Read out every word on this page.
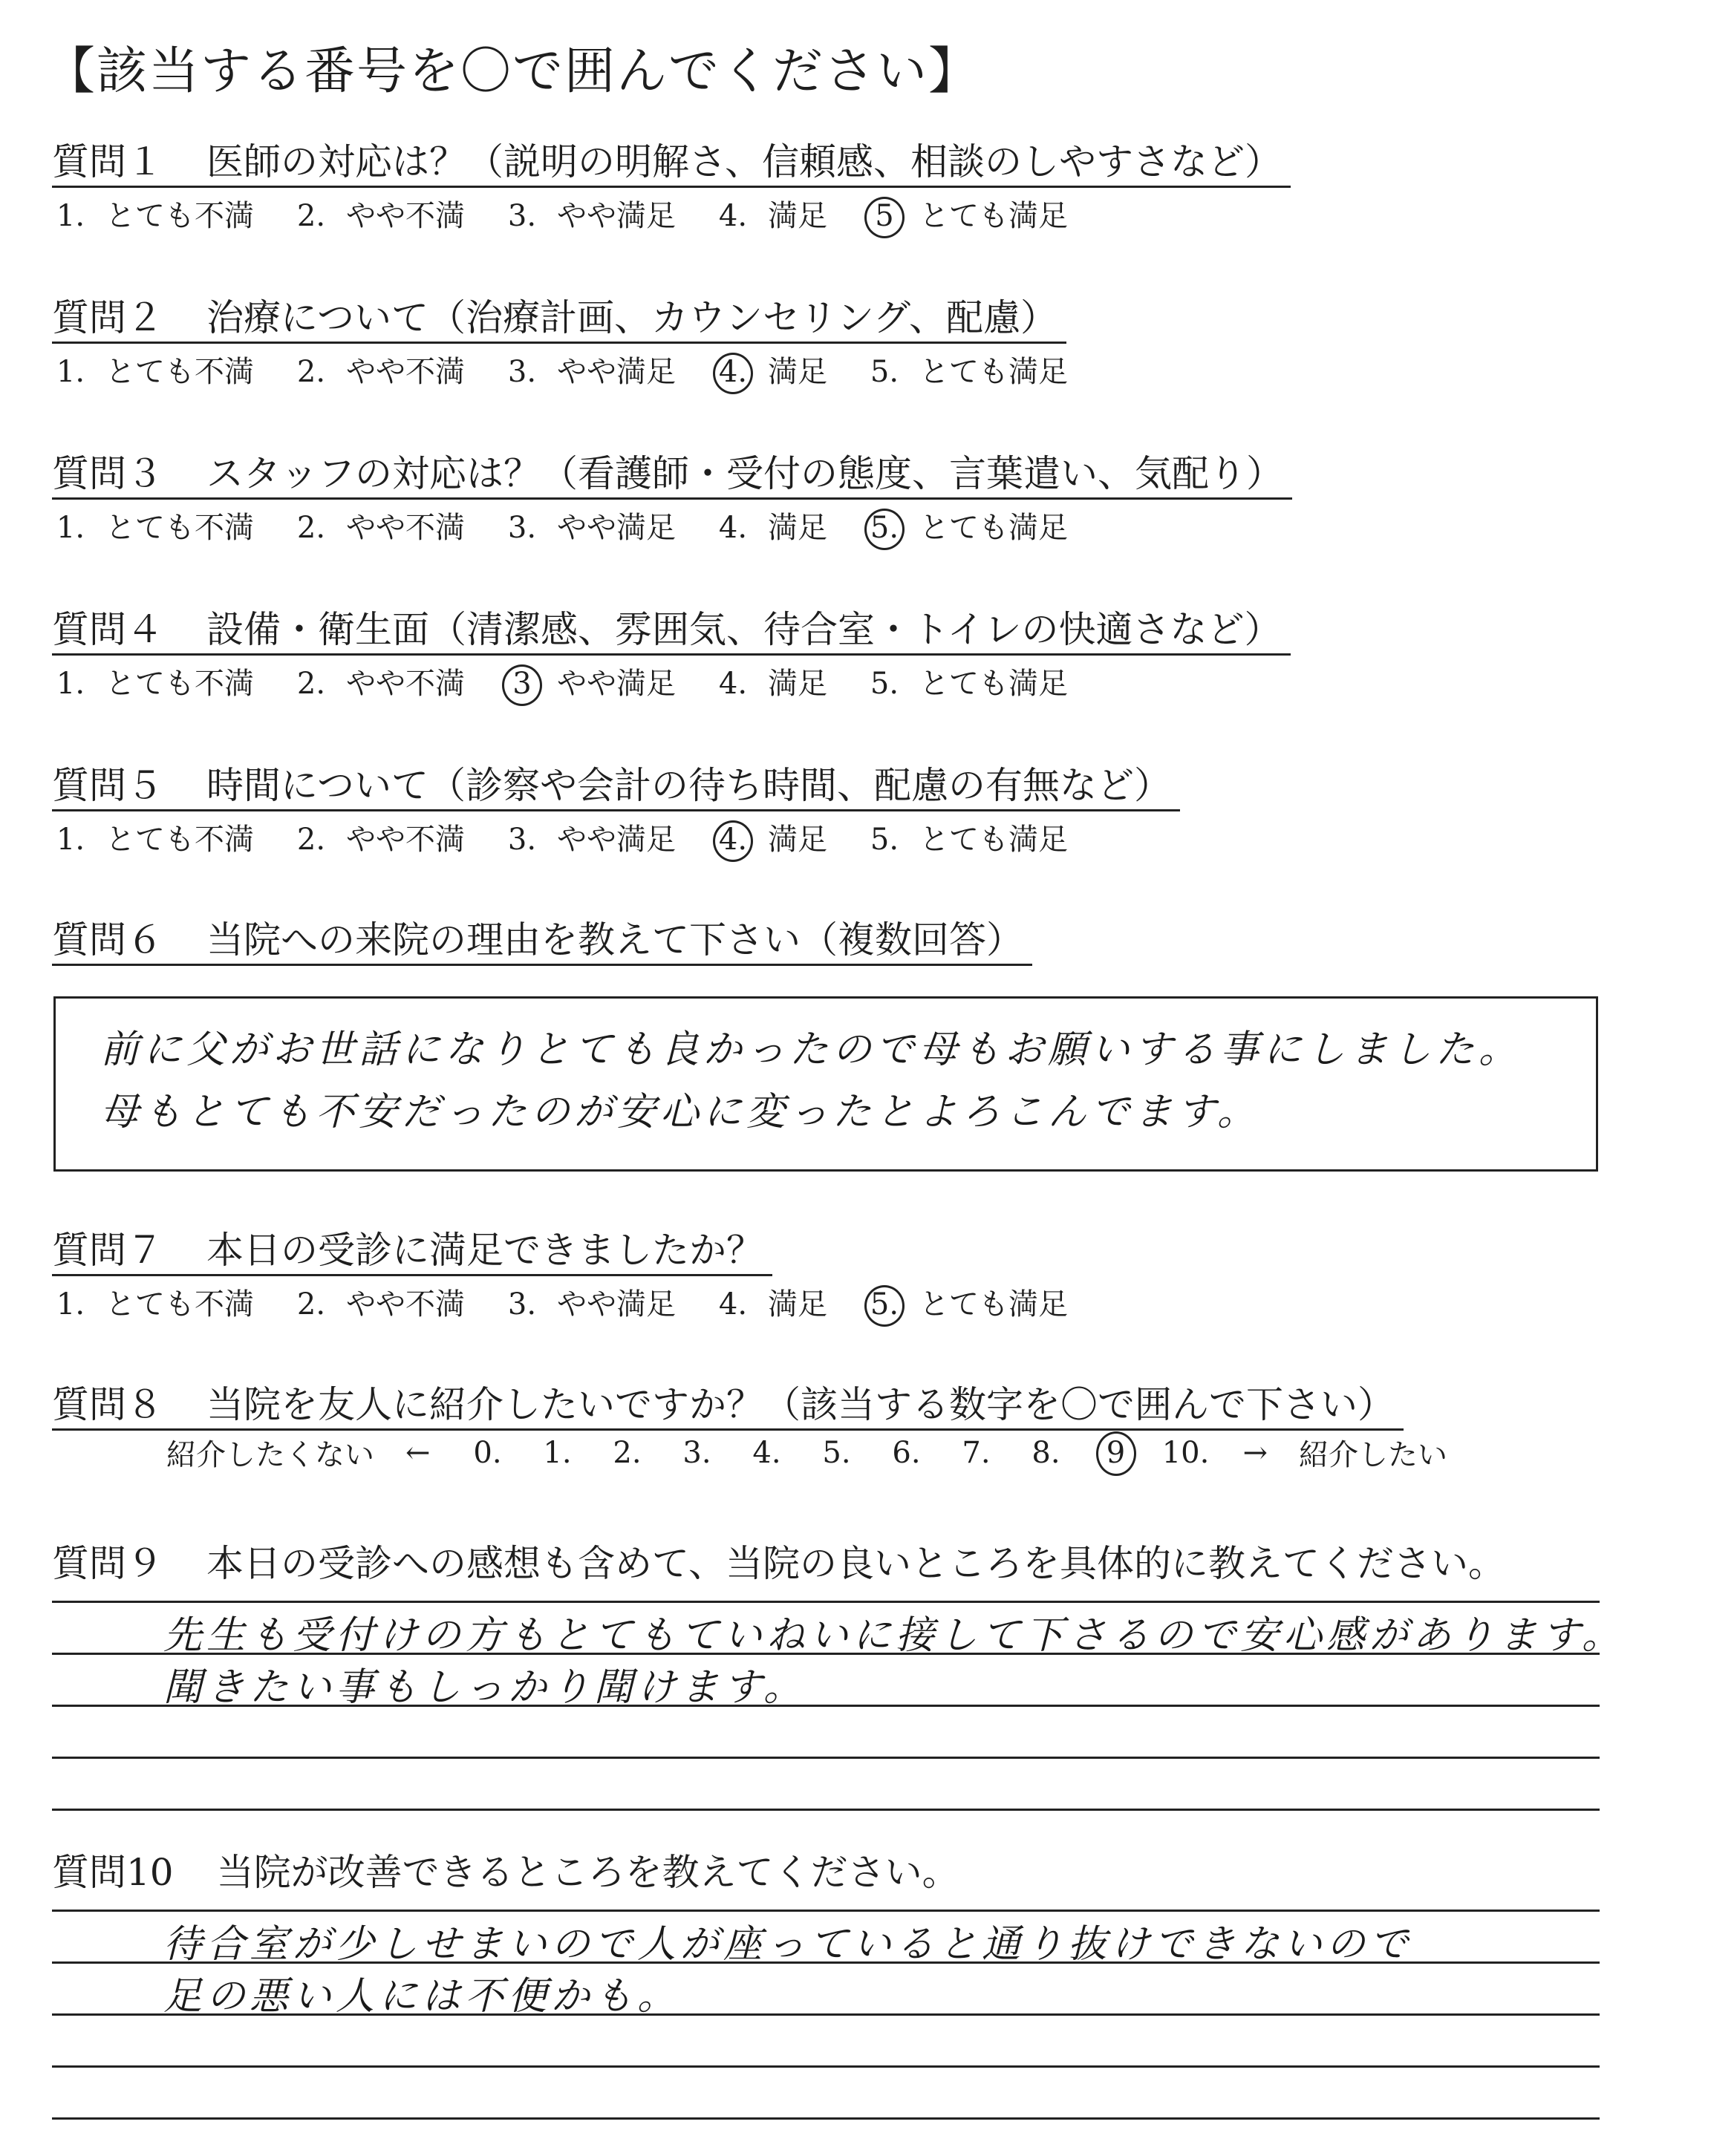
【該当する番号を〇で囲んでください】
質問１ 医師の対応は？（説明の明解さ、信頼感、相談のしやすさなど）
1. とても不満 2. やや不満 3. やや満足 4. 満足	5 とても満足
質問２ 治療について（治療計画、カウンセリング、配慮）
1. とても不満 2. やや不満 3. やや満足 4. 満足 5. とても満足
質問３ スタッフの対応は？（看護師・受付の態度、言葉遣い、気配り）
1. とても不満 2. やや不満 3. やや満足 4. 満足 5. とても満足
質問４ 設備・衛生面（清潔感、雰囲気、待合室・トイレの快適さなど）
1. とても不満 2. やや不満	3 やや満足 4. 満足 5. とても満足
質問５ 時間について（診察や会計の待ち時間、配慮の有無など）
1. とても不満 2. やや不満 3. やや満足 4. 満足 5. とても満足
質問６ 当院への来院の理由を教えて下さい（複数回答）
前に父がお世話になりとても良かったので母もお願いする事にしました。
母もとても不安だったのが安心に変ったとよろこんでます。
質問７ 本日の受診に満足できましたか？
1. とても不満 2. やや不満 3. やや満足 4. 満足 5. とても満足
質問８ 当院を友人に紹介したいですか？（該当する数字を〇で囲んで下さい）
紹介したくない ←	0.	1.	2.	3.	4.	5.	6.	7.	8.	9	10.	→ 紹介したい
質問９ 本日の受診への感想も含めて、当院の良いところを具体的に教えてください。
先生も受付けの方もとてもていねいに接して下さるので安心感があります。
聞きたい事もしっかり聞けます。
質問10 当院が改善できるところを教えてください。
待合室が少しせまいので人が座っていると通り抜けできないので
足の悪い人には不便かも。
